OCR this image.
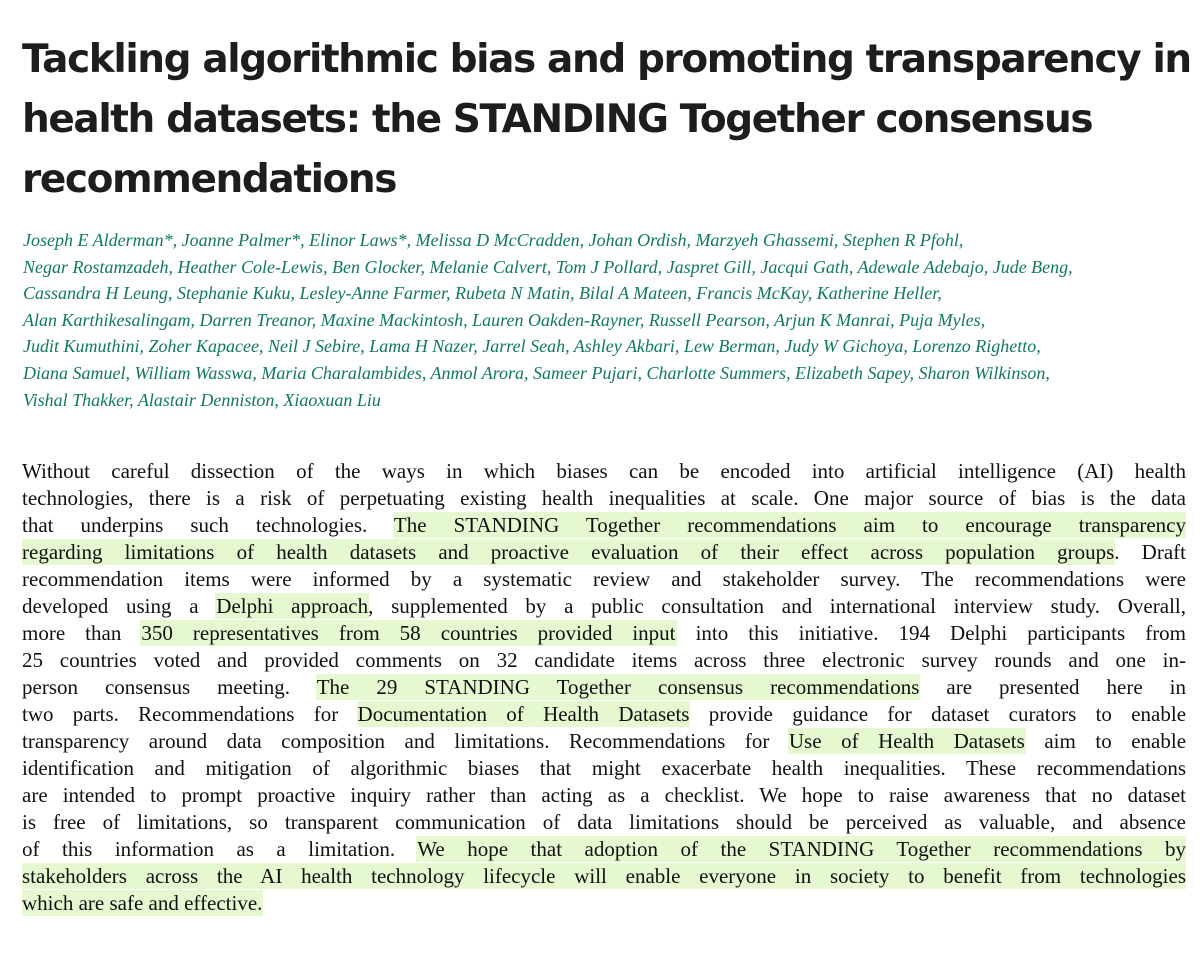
Tackling algorithmic bias and promoting transparency in
health datasets: the STANDING Together consensus
recommendations
Joseph E Alderman*, Joanne Palmer*, Elinor Laws*, Melissa D McCradden, Johan Ordish, Marzyeh Ghassemi, Stephen R Pfohl,
Negar Rostamzadeh, Heather Cole-Lewis, Ben Glocker, Melanie Calvert, Tom J Pollard, Jaspret Gill, Jacqui Gath, Adewale Adebajo, Jude Beng,
Cassandra H Leung, Stephanie Kuku, Lesley-Anne Farmer, Rubeta N Matin, Bilal A Mateen, Francis McKay, Katherine Heller,
Alan Karthikesalingam, Darren Treanor, Maxine Mackintosh, Lauren Oakden-Rayner, Russell Pearson, Arjun K Manrai, Puja Myles,
Judit Kumuthini, Zoher Kapacee, Neil J Sebire, Lama H Nazer, Jarrel Seah, Ashley Akbari, Lew Berman, Judy W Gichoya, Lorenzo Righetto,
Diana Samuel, William Wasswa, Maria Charalambides, Anmol Arora, Sameer Pujari, Charlotte Summers, Elizabeth Sapey, Sharon Wilkinson,
Vishal Thakker, Alastair Denniston, Xiaoxuan Liu
Without careful dissection of the ways in which biases can be encoded into artificial intelligence (AI) health
technologies, there is a risk of perpetuating existing health inequalities at scale. One major source of bias is the data
that underpins such technologies. The STANDING Together recommendations aim to encourage transparency
regarding limitations of health datasets and proactive evaluation of their effect across population groups. Draft
recommendation items were informed by a systematic review and stakeholder survey. The recommendations were
developed using a Delphi approach, supplemented by a public consultation and international interview study. Overall,
more than 350 representatives from 58 countries provided input into this initiative. 194 Delphi participants from
25 countries voted and provided comments on 32 candidate items across three electronic survey rounds and one in-
person consensus meeting. The 29 STANDING Together consensus recommendations are presented here in
two parts. Recommendations for Documentation of Health Datasets provide guidance for dataset curators to enable
transparency around data composition and limitations. Recommendations for Use of Health Datasets aim to enable
identification and mitigation of algorithmic biases that might exacerbate health inequalities. These recommendations
are intended to prompt proactive inquiry rather than acting as a checklist. We hope to raise awareness that no dataset
is free of limitations, so transparent communication of data limitations should be perceived as valuable, and absence
of this information as a limitation. We hope that adoption of the STANDING Together recommendations by
stakeholders across the AI health technology lifecycle will enable everyone in society to benefit from technologies
which are safe and effective.
